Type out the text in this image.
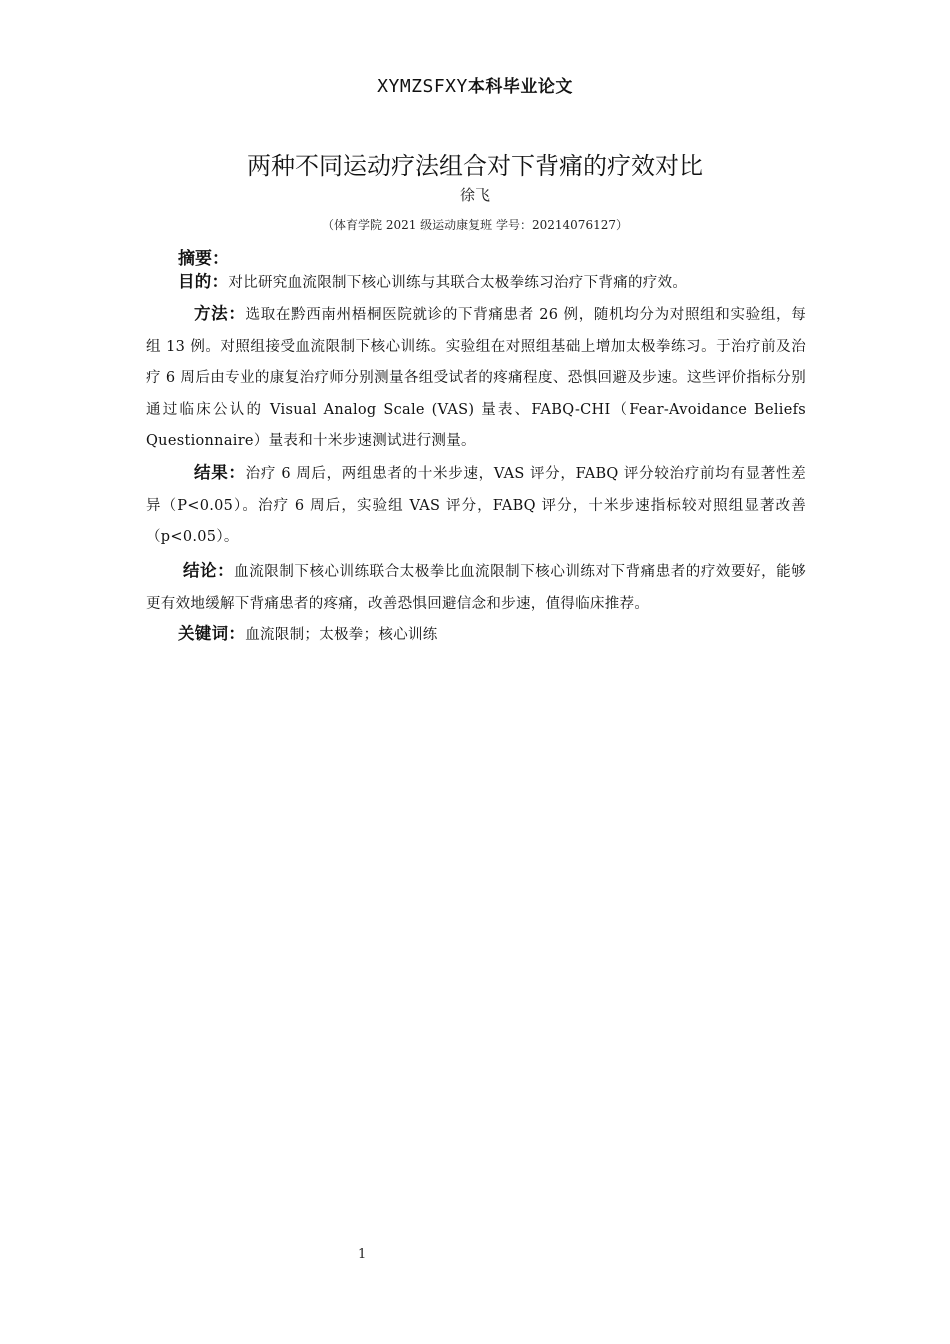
XYMZSFXY本科毕业论文
两种不同运动疗法组合对下背痛的疗效对比
徐飞
（体育学院 2021 级运动康复班 学号：20214076127）
摘要：
目的：对比研究血流限制下核心训练与其联合太极拳练习治疗下背痛的疗效。
方法：选取在黔西南州梧桐医院就诊的下背痛患者 26 例，随机均分为对照组和实验组，每组 13 例。对照组接受血流限制下核心训练。实验组在对照组基础上增加太极拳练习。于治疗前及治疗 6 周后由专业的康复治疗师分别测量各组受试者的疼痛程度、恐惧回避及步速。这些评价指标分别通过临床公认的 Visual Analog Scale (VAS) 量表、FABQ-CHI（Fear-Avoidance Beliefs Questionnaire）量表和十米步速测试进行测量。
结果：治疗 6 周后，两组患者的十米步速，VAS 评分，FABQ 评分较治疗前均有显著性差异（P<0.05）。治疗 6 周后，实验组 VAS 评分，FABQ 评分，十米步速指标较对照组显著改善（p<0.05）。
结论：血流限制下核心训练联合太极拳比血流限制下核心训练对下背痛患者的疗效要好，能够更有效地缓解下背痛患者的疼痛，改善恐惧回避信念和步速，值得临床推荐。
关键词：血流限制；太极拳；核心训练
1
